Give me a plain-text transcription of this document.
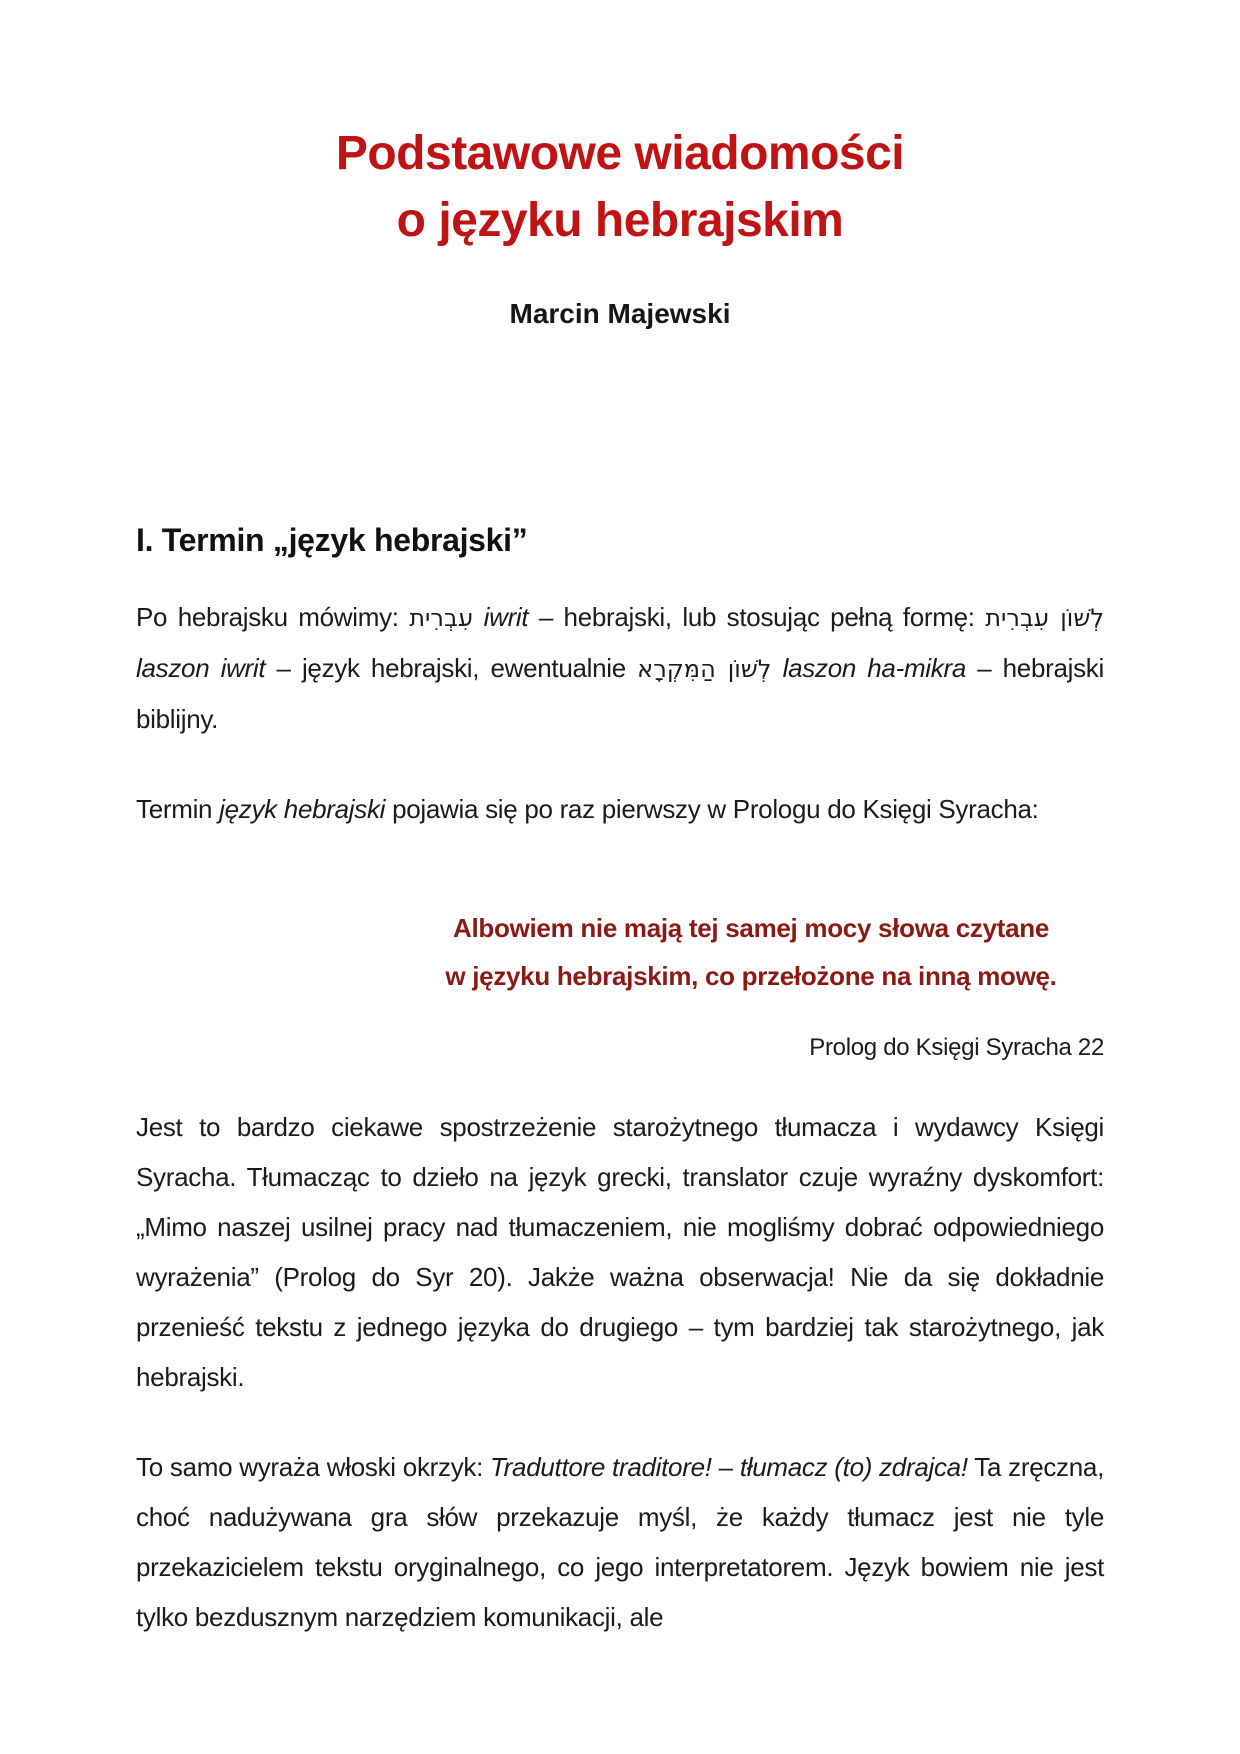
Podstawowe wiadomości
o języku hebrajskim
Marcin Majewski
I. Termin „język hebrajski”

Po hebrajsku mówimy: עִבְרִית iwrit – hebrajski, lub stosując pełną formę: לְשׁוֹן עִבְרִית laszon iwrit – język hebrajski, ewentualnie לְשׁוֹן הַמִּקְרָא laszon ha-mikra – hebrajski biblijny.

Termin język hebrajski pojawia się po raz pierwszy w Prologu do Księgi Syracha:

Albowiem nie mają tej samej mocy słowa czytane
w języku hebrajskim, co przełożone na inną mowę.
Prolog do Księgi Syracha 22

Jest to bardzo ciekawe spostrzeżenie starożytnego tłumacza i wydawcy Księgi Syracha. Tłumacząc to dzieło na język grecki, translator czuje wyraźny dyskomfort: „Mimo naszej usilnej pracy nad tłumaczeniem, nie mogliśmy dobrać odpowiedniego wyrażenia” (Prolog do Syr 20). Jakże ważna obserwacja! Nie da się dokładnie przenieść tekstu z jednego języka do drugiego – tym bardziej tak starożytnego, jak hebrajski.

To samo wyraża włoski okrzyk: Traduttore traditore! – tłumacz (to) zdrajca! Ta zręczna, choć nadużywana gra słów przekazuje myśl, że każdy tłumacz jest nie tyle przekazicielem tekstu oryginalnego, co jego interpretatorem. Język bowiem nie jest tylko bezdusznym narzędziem komunikacji, ale
